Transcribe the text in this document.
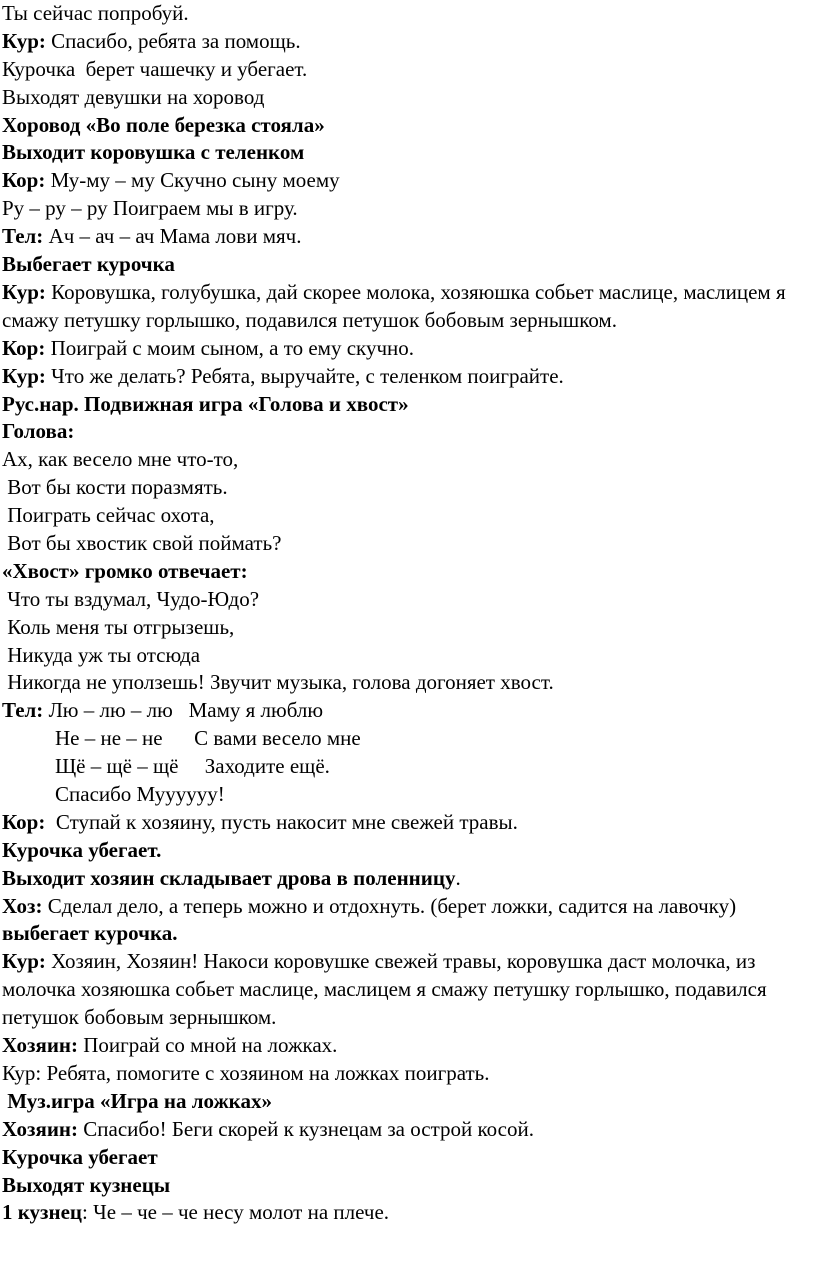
Ты сейчас попробуй.
Кур: Спасибо, ребята за помощь.
Курочка  берет чашечку и убегает.
Выходят девушки на хоровод
Хоровод «Во поле березка стояла»
Выходит коровушка с теленком
Кор: Му-му – му Скучно сыну моему
Ру – ру – ру Поиграем мы в игру.
Тел: Ач – ач – ач Мама лови мяч.
Выбегает курочка
Кур: Коровушка, голубушка, дай скорее молока, хозяюшка собьет маслице, маслицем я смажу петушку горлышко, подавился петушок бобовым зернышком.
Кор: Поиграй с моим сыном, а то ему скучно.
Кур: Что же делать? Ребята, выручайте, с теленком поиграйте.
Рус.нар. Подвижная игра «Голова и хвост»
Голова:
Ах, как весело мне что-то,
Вот бы кости поразмять.
Поиграть сейчас охота,
Вот бы хвостик свой поймать?
«Хвост» громко отвечает:
Что ты вздумал, Чудо-Юдо?
Коль меня ты отгрызешь,
Никуда уж ты отсюда
Никогда не уползешь! Звучит музыка, голова догоняет хвост.
Тел: Лю – лю – лю   Маму я люблю
Не – не – не      С вами весело мне
Щё – щё – щё     Заходите ещё.
Спасибо Муууууу!
Кор:  Ступай к хозяину, пусть накосит мне свежей травы.
Курочка убегает.
Выходит хозяин складывает дрова в поленницу.
Хоз: Сделал дело, а теперь можно и отдохнуть. (берет ложки, садится на лавочку) выбегает курочка.
Кур: Хозяин, Хозяин! Накоси коровушке свежей травы, коровушка даст молочка, из молочка хозяюшка собьет маслице, маслицем я смажу петушку горлышко, подавился петушок бобовым зернышком.
Хозяин: Поиграй со мной на ложках.
Кур: Ребята, помогите с хозяином на ложках поиграть.
Муз.игра «Игра на ложках»
Хозяин: Спасибо! Беги скорей к кузнецам за острой косой.
Курочка убегает
Выходят кузнецы
1 кузнец: Че – че – че несу молот на плече.
